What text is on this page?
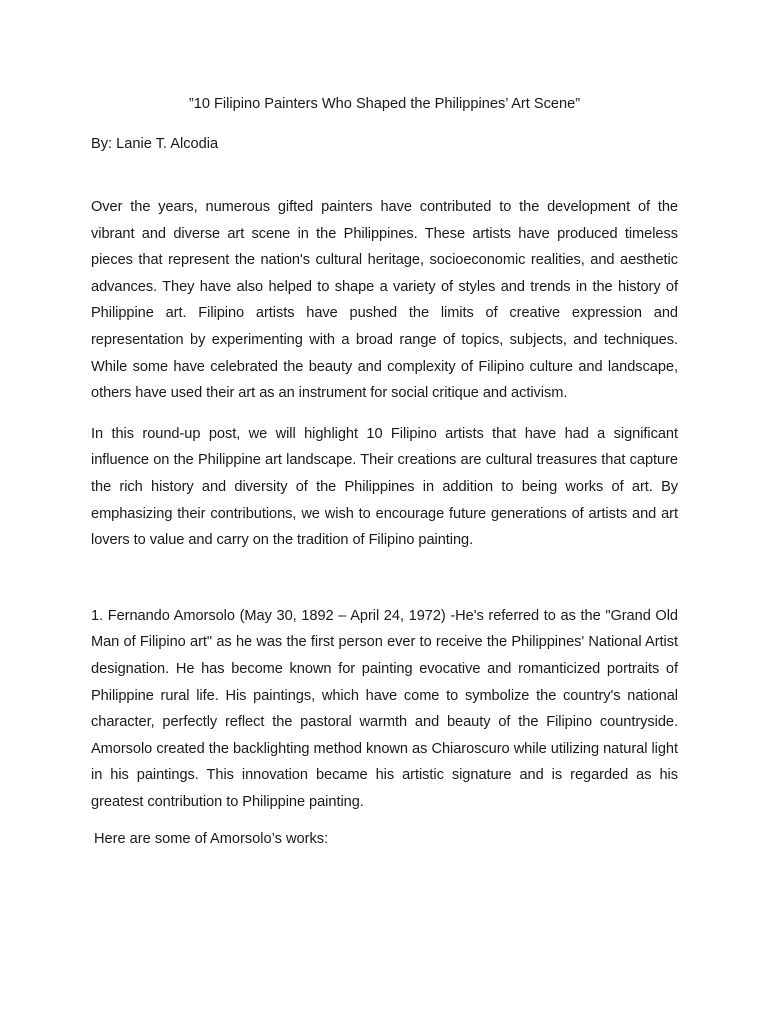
”10 Filipino Painters Who Shaped the Philippines’ Art Scene”

By: Lanie T. Alcodia

Over the years, numerous gifted painters have contributed to the development of the vibrant and diverse art scene in the Philippines. These artists have produced timeless pieces that represent the nation's cultural heritage, socioeconomic realities, and aesthetic advances. They have also helped to shape a variety of styles and trends in the history of Philippine art. Filipino artists have pushed the limits of creative expression and representation by experimenting with a broad range of topics, subjects, and techniques. While some have celebrated the beauty and complexity of Filipino culture and landscape, others have used their art as an instrument for social critique and activism.

In this round-up post, we will highlight 10 Filipino artists that have had a significant influence on the Philippine art landscape. Their creations are cultural treasures that capture the rich history and diversity of the Philippines in addition to being works of art. By emphasizing their contributions, we wish to encourage future generations of artists and art lovers to value and carry on the tradition of Filipino painting.

1. Fernando Amorsolo (May 30, 1892 – April 24, 1972) -He's referred to as the "Grand Old Man of Filipino art" as he was the first person ever to receive the Philippines' National Artist designation. He has become known for painting evocative and romanticized portraits of Philippine rural life. His paintings, which have come to symbolize the country's national character, perfectly reflect the pastoral warmth and beauty of the Filipino countryside. Amorsolo created the backlighting method known as Chiaroscuro while utilizing natural light in his paintings. This innovation became his artistic signature and is regarded as his greatest contribution to Philippine painting.

Here are some of Amorsolo’s works:
